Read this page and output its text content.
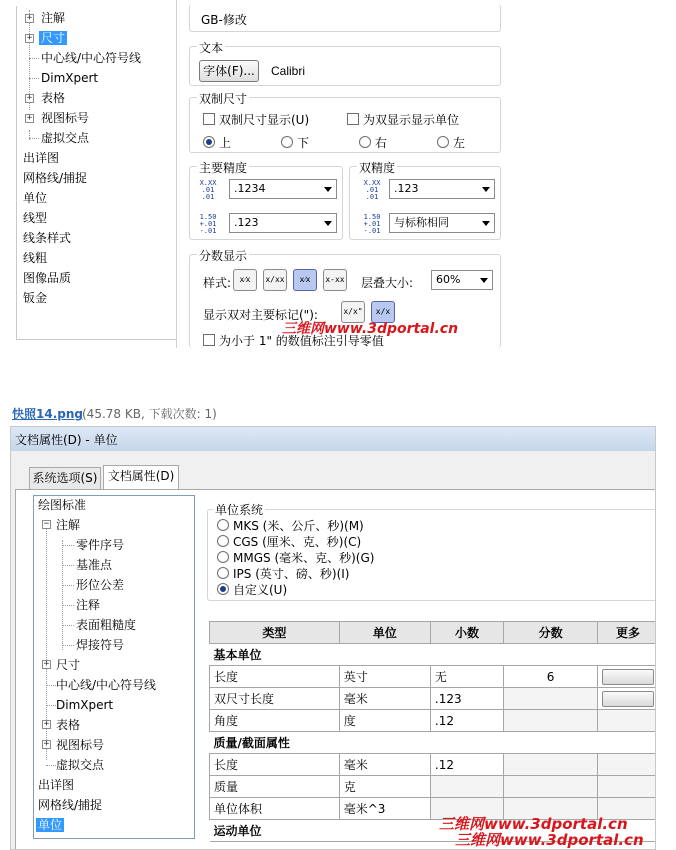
+ 注解
+ 尺寸
中心线/中心符号线
DimXpert
+ 表格
+ 视图标号
虚拟交点
出详图
网格线/捕捉
单位
线型
线条样式
线粗
图像品质
钣金
GB-修改
文本
字体(F)...	Calibri
双制尺寸
双制尺寸显示(U)	为双显示显示单位
上	下	右	左
主要精度
X.XX .01 .01
.1234
1.50 +.01 -.01
.123
双精度
X.XX .01 .01
.123
1.50 +.01 -.01
与标称相同
分数显示
样式:	x⁄x	x/xx	x⁄x	x-xx 层叠大小:	60%
显示双对主要标记("):	x/x"	x/x
为小于 1" 的数值标注引导零值
三维网www.3dportal.cn
快照14.png (45.78 KB, 下载次数: 1)
文档属性(D) - 单位
系统选项(S) 文档属性(D)
绘图标准
− 注解
零件序号
基准点
形位公差
注释
表面粗糙度
焊接符号
+ 尺寸
中心线/中心符号线
DimXpert
+ 表格
+ 视图标号
虚拟交点
出详图
网格线/捕捉
单位
单位系统
MKS (米、公斤、秒)(M)
CGS (厘米、克、秒)(C)
MMGS (毫米、克、秒)(G)
IPS (英寸、磅、秒)(I)
自定义(U)
类型	单位	小数	分数	更多
基本单位				
长度	英寸	无	6	
双尺寸长度	毫米	.123		
角度	度	.12		
质量/截面属性				
长度	毫米	.12		
质量	克			
单位体积	毫米^3			
运动单位					三维网www.3dportal.cn
三维网www.3dportal.cn
